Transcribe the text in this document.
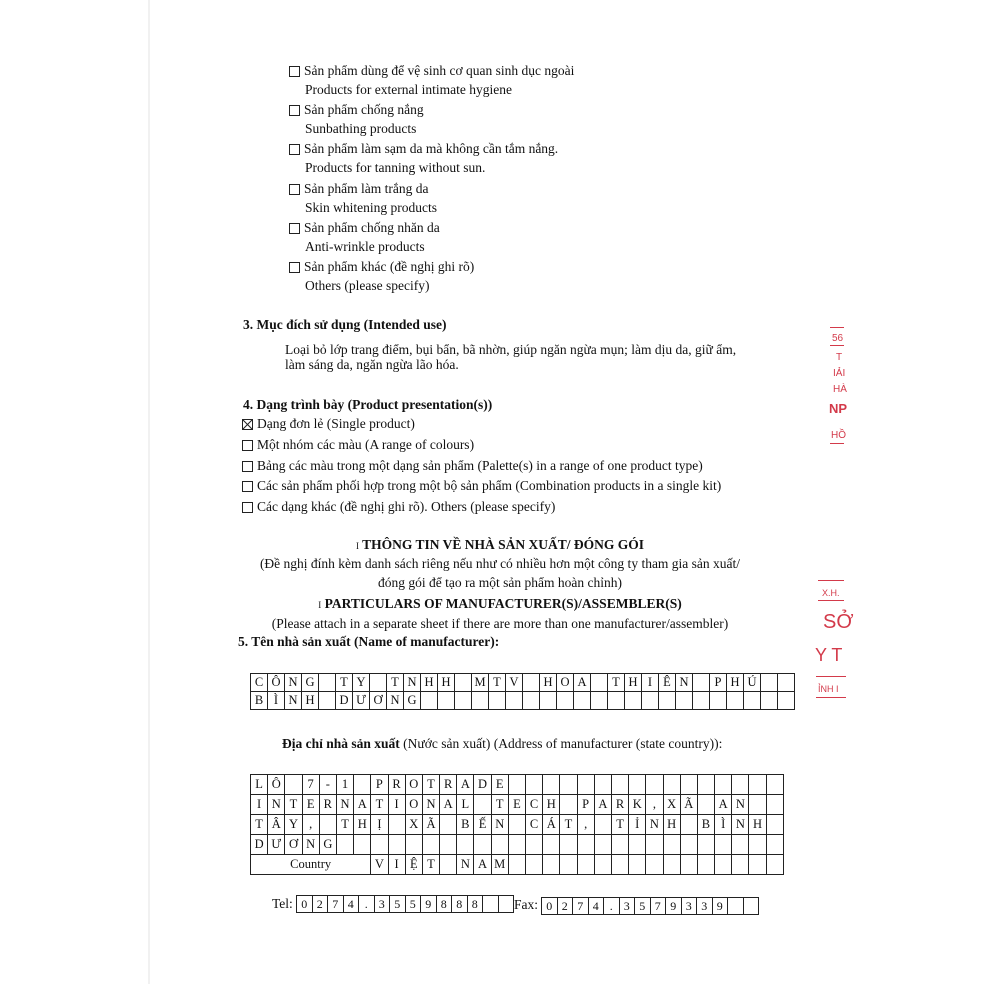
Sản phẩm dùng để vệ sinh cơ quan sinh dục ngoài
Products for external intimate hygiene
Sản phẩm chống nắng
Sunbathing products
Sản phẩm làm sạm da mà không cần tắm nắng.
Products for tanning without sun.
Sản phẩm làm trắng da
Skin whitening products
Sản phẩm chống nhăn da
Anti-wrinkle products
Sản phẩm khác (đề nghị ghi rõ)
Others (please specify)
3. Mục đích sử dụng (Intended use)
Loại bỏ lớp trang điểm, bụi bẩn, bã nhờn, giúp ngăn ngừa mụn; làm dịu da, giữ ẩm,
làm sáng da, ngăn ngừa lão hóa.
4. Dạng trình bày (Product presentation(s))
Dạng đơn lẻ (Single product)
Một nhóm các màu (A range of colours)
Bảng các màu trong một dạng sản phẩm (Palette(s) in a range of one product type)
Các sản phẩm phối hợp trong một bộ sản phẩm (Combination products in a single kit)
Các dạng khác (đề nghị ghi rõ). Others (please specify)
I THÔNG TIN VỀ NHÀ SẢN XUẤT/ ĐÓNG GÓI
(Đề nghị đính kèm danh sách riêng nếu như có nhiều hơn một công ty tham gia sản xuất/
đóng gói để tạo ra một sản phẩm hoàn chỉnh)
I PARTICULARS OF MANUFACTURER(S)/ASSEMBLER(S)
(Please attach in a separate sheet if there are more than one manufacturer/assembler)
5. Tên nhà sản xuất (Name of manufacturer):
C	Ô	N	G		T	Y		T	N	H	H		M	T	V		H	O	A		T	H	I	Ê	N		P	H	Ú		
B	Ì	N	H		D	Ư	Ơ	N	G																						
Địa chỉ nhà sản xuất (Nước sản xuất) (Address of manufacturer (state country)):
L	Ô		7	-	1		P	R	O	T	R	A	D	E																
I	N	T	E	R	N	A	T	I	O	N	A	L		T	E	C	H		P	A	R	K	,	X	Ã		A	N		
T	Â	Y	,		T	H	Ị		X	Ã		B	Ế	N		C	Á	T	,		T	Ỉ	N	H		B	Ì	N	H	
D	Ư	Ơ	N	G																										
Country							V	I	Ệ	T		N	A	M																
Tel: 0	2	7	4	.	3	5	5	9	8	8	8			Fax: 0	2	7	4	.	3	5	7	9	3	3	9		
56
T
IẢI
HÀ
NP
HỒ
X.H.
SỞ
Y T
ỈNH I
